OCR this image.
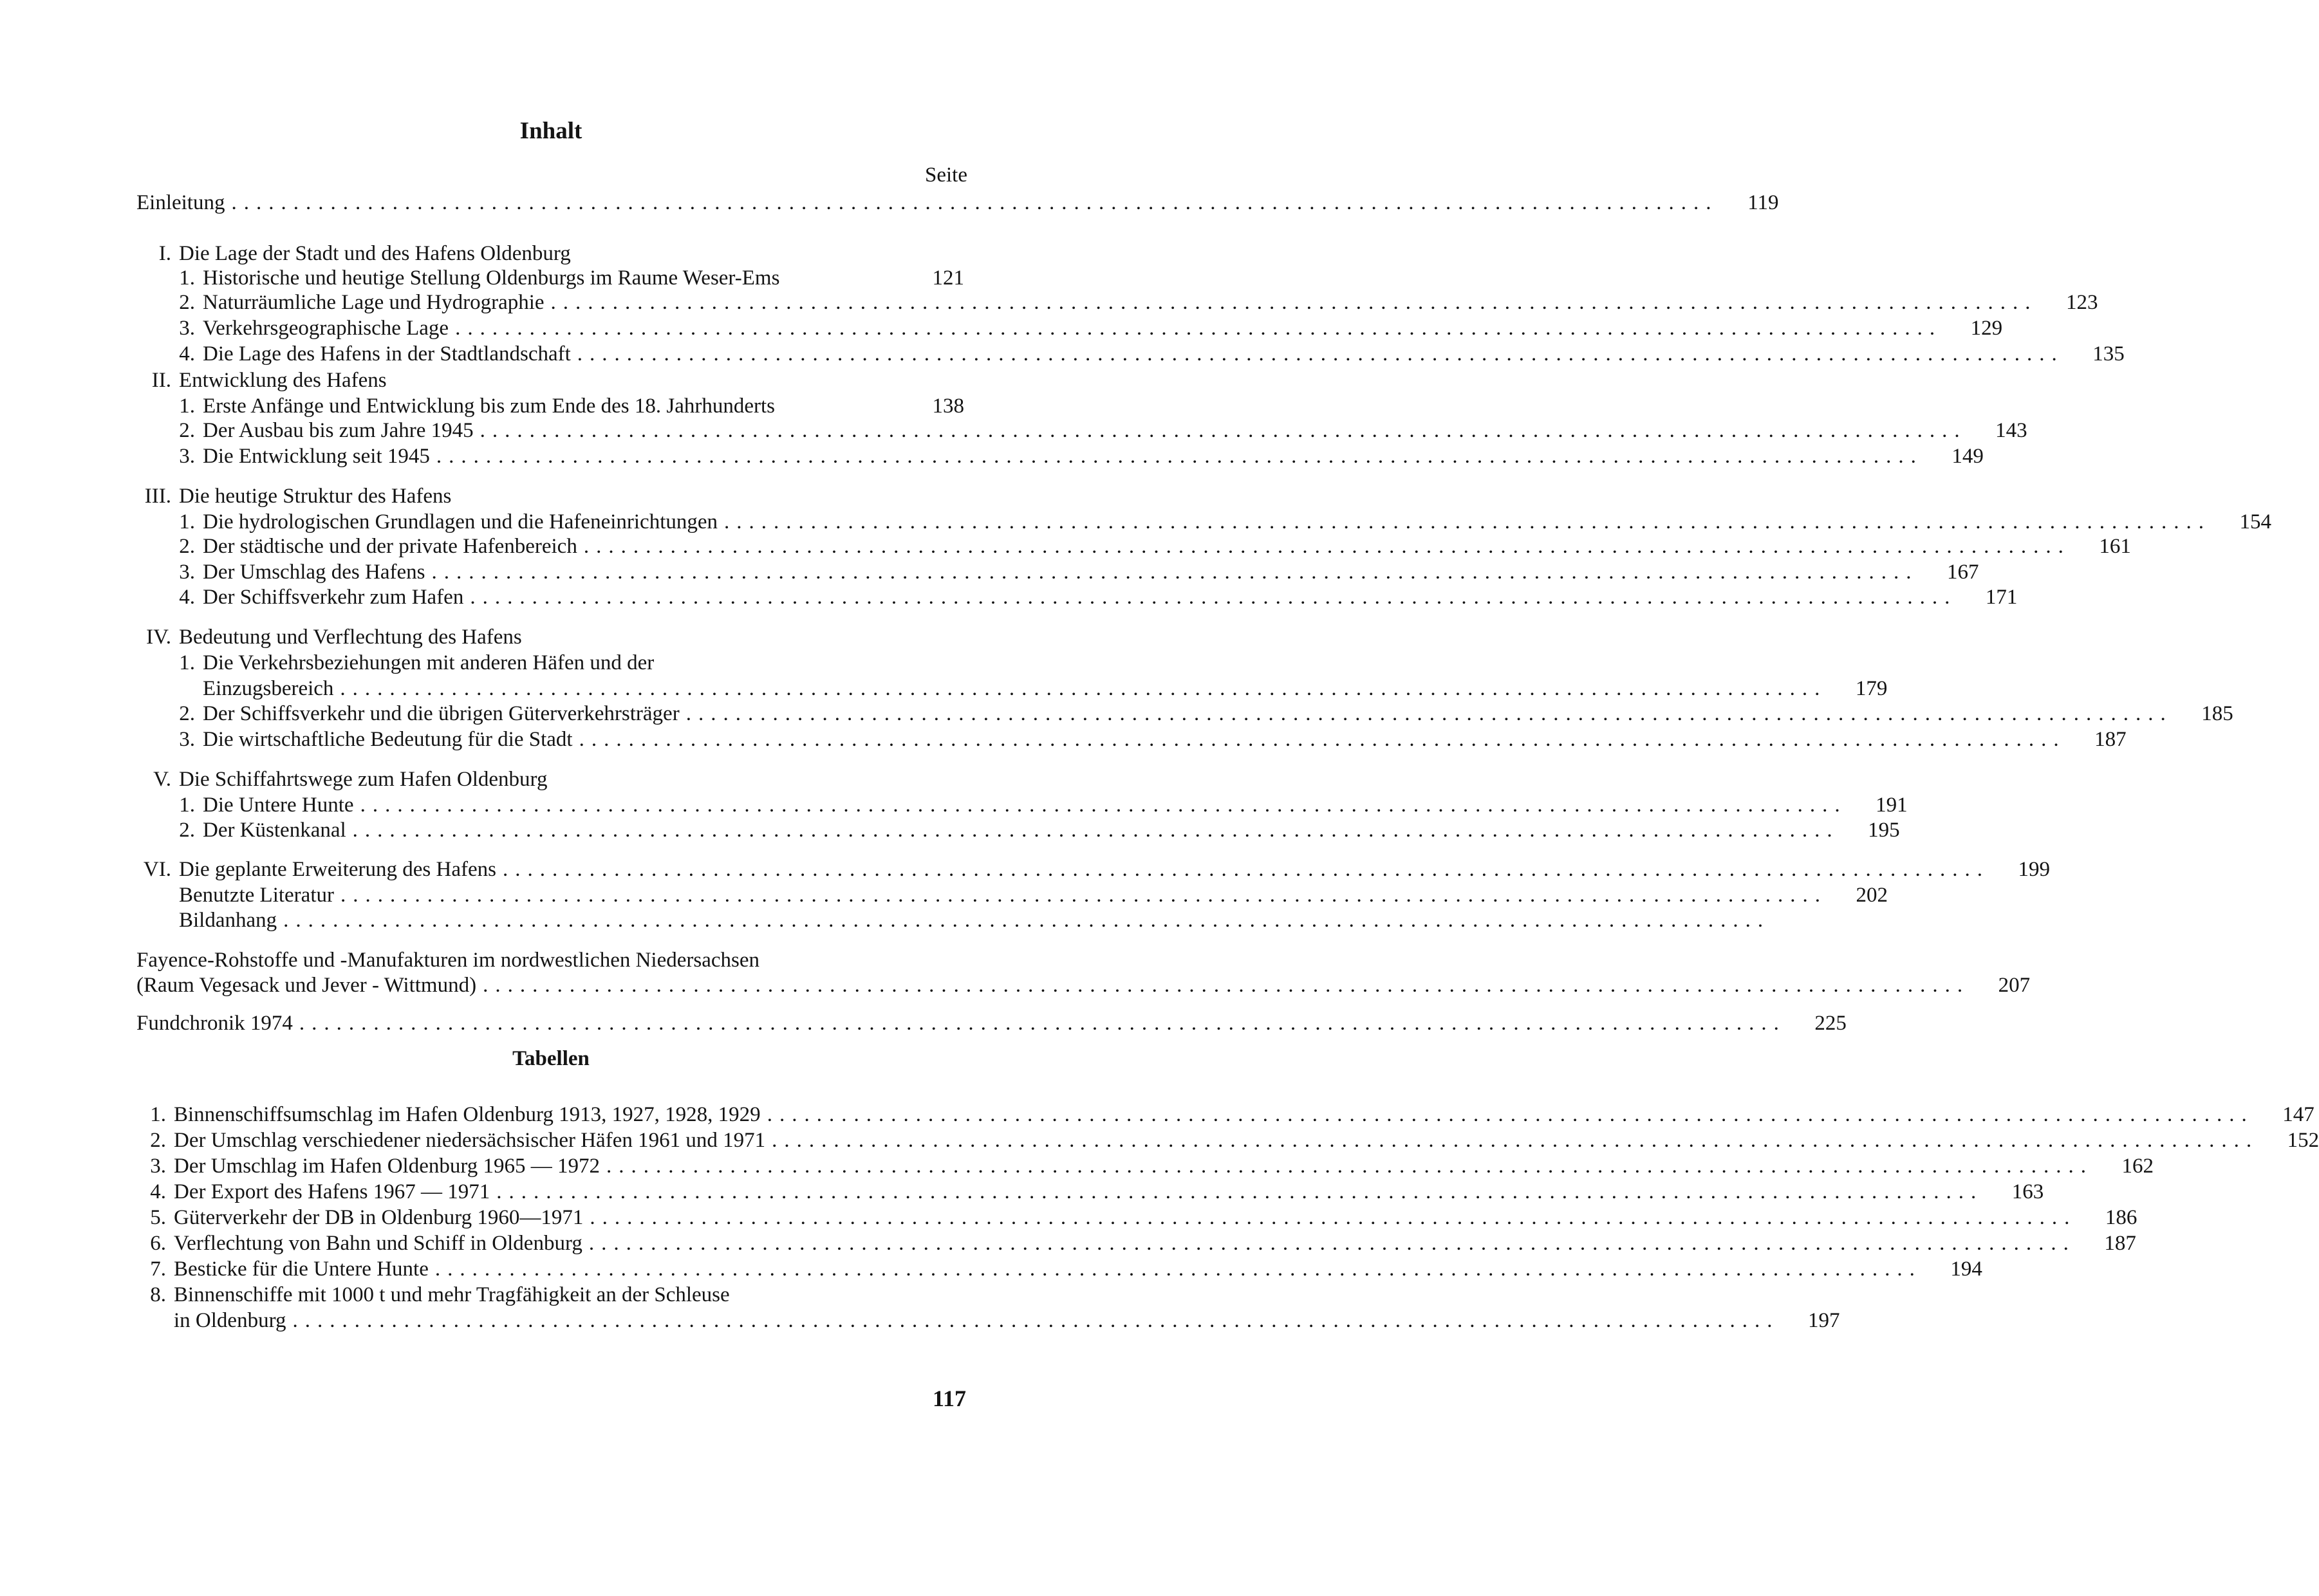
Inhalt
Seite
Einleitung ........................................................................................................................	119
I. Die Lage der Stadt und des Hafens Oldenburg
1. Historische und heutige Stellung Oldenburgs im Raume Weser-Ems	121
2. Naturräumliche Lage und Hydrographie ........................................................................................................................	123
3. Verkehrsgeographische Lage ........................................................................................................................	129
4. Die Lage des Hafens in der Stadtlandschaft ........................................................................................................................	135
II. Entwicklung des Hafens
1. Erste Anfänge und Entwicklung bis zum Ende des 18. Jahrhunderts	138
2. Der Ausbau bis zum Jahre 1945 ........................................................................................................................	143
3. Die Entwicklung seit 1945 ........................................................................................................................	149
III. Die heutige Struktur des Hafens
1. Die hydrologischen Grundlagen und die Hafeneinrichtungen ........................................................................................................................	154
2. Der städtische und der private Hafenbereich ........................................................................................................................	161
3. Der Umschlag des Hafens ........................................................................................................................	167
4. Der Schiffsverkehr zum Hafen ........................................................................................................................	171
IV. Bedeutung und Verflechtung des Hafens
1. Die Verkehrsbeziehungen mit anderen Häfen und der
Einzugsbereich ........................................................................................................................	179
2. Der Schiffsverkehr und die übrigen Güterverkehrsträger ........................................................................................................................	185
3. Die wirtschaftliche Bedeutung für die Stadt ........................................................................................................................	187
V. Die Schiffahrtswege zum Hafen Oldenburg
1. Die Untere Hunte ........................................................................................................................	191
2. Der Küstenkanal ........................................................................................................................	195
VI. Die geplante Erweiterung des Hafens ........................................................................................................................	199
Benutzte Literatur ........................................................................................................................	202
Bildanhang ........................................................................................................................
Fayence-Rohstoffe und -Manufakturen im nordwestlichen Niedersachsen
(Raum Vegesack und Jever - Wittmund) ........................................................................................................................	207
Fundchronik 1974 ........................................................................................................................	225
Tabellen
1. Binnenschiffsumschlag im Hafen Oldenburg 1913, 1927, 1928, 1929 ........................................................................................................................	147
2. Der Umschlag verschiedener niedersächsischer Häfen 1961 und 1971 ........................................................................................................................	152
3. Der Umschlag im Hafen Oldenburg 1965 — 1972 ........................................................................................................................	162
4. Der Export des Hafens 1967 — 1971 ........................................................................................................................	163
5. Güterverkehr der DB in Oldenburg 1960—1971 ........................................................................................................................	186
6. Verflechtung von Bahn und Schiff in Oldenburg ........................................................................................................................	187
7. Besticke für die Untere Hunte ........................................................................................................................	194
8. Binnenschiffe mit 1000 t und mehr Tragfähigkeit an der Schleuse
in Oldenburg ........................................................................................................................	197
117
